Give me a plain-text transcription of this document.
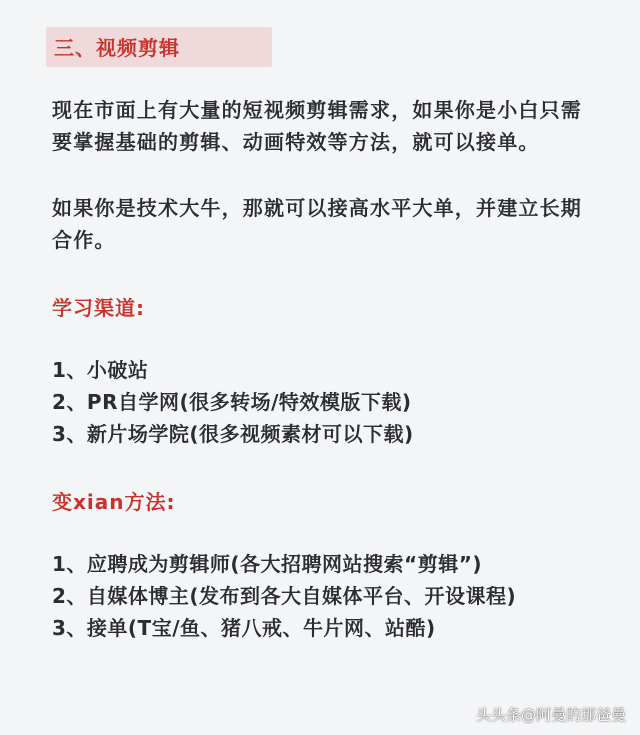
三、视频剪辑
现在市面上有大量的短视频剪辑需求，如果你是小白只需
要掌握基础的剪辑、动画特效等方法，就可以接单。
如果你是技术大牛，那就可以接高水平大单，并建立长期
合作。
学习渠道:
1、小破站
2、PR自学网(很多转场/特效模版下载)
3、新片场学院(很多视频素材可以下载)
变xian方法:
1、应聘成为剪辑师(各大招聘网站搜索“剪辑”)
2、自媒体博主(发布到各大自媒体平台、开设课程)
3、接单(T宝/鱼、猪八戒、牛片网、站酷)
头头条@阿曼的那爸曼
